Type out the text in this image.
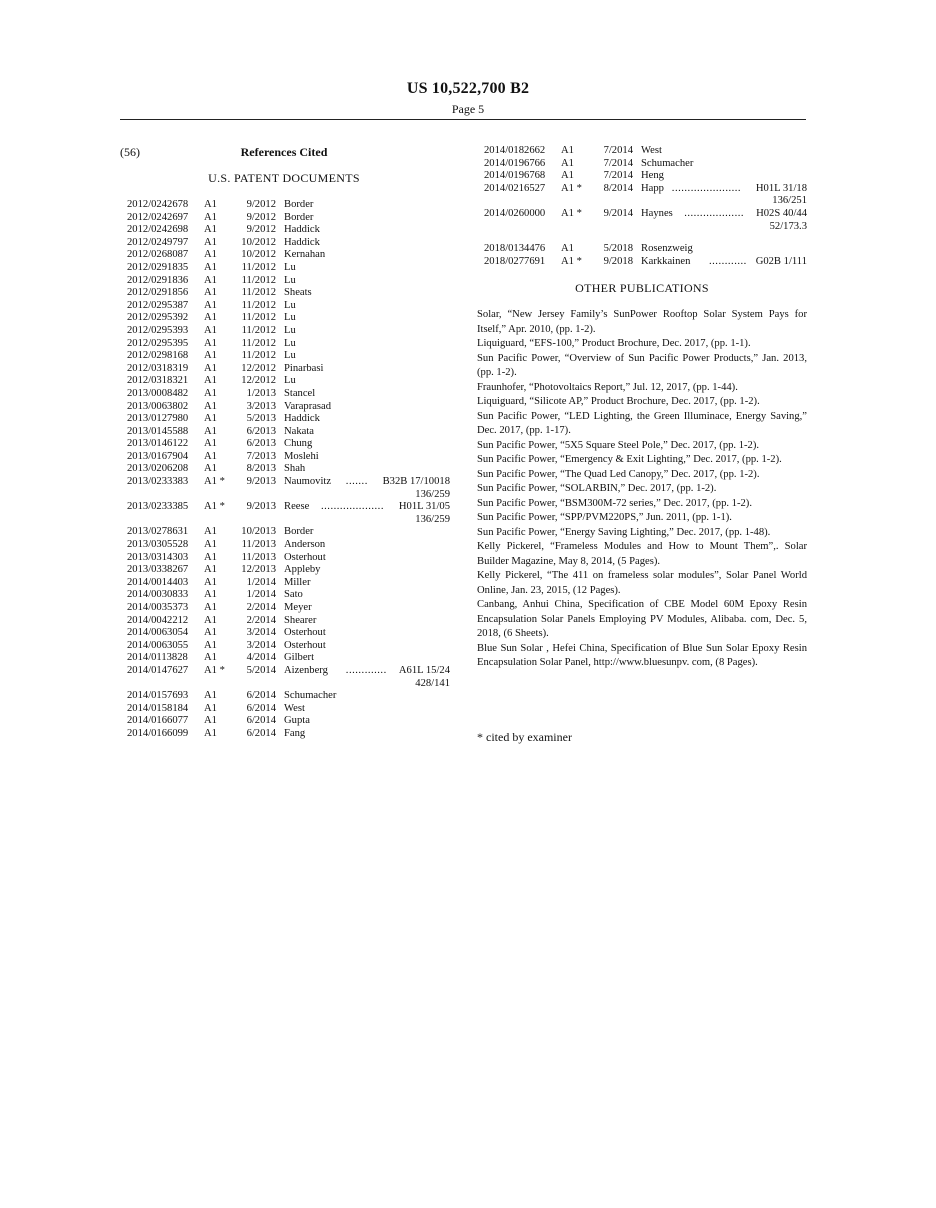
US 10,522,700 B2
Page 5
(56)	References Cited
U.S. PATENT DOCUMENTS
2012/0242678 A1	9/2012 Border
2012/0242697 A1	9/2012 Border
2012/0242698 A1	9/2012 Haddick
2012/0249797 A1 10/2012 Haddick
2012/0268087 A1 10/2012 Kernahan
2012/0291835 A1 11/2012 Lu
2012/0291836 A1 11/2012 Lu
2012/0291856 A1 11/2012 Sheats
2012/0295387 A1 11/2012 Lu
2012/0295392 A1 11/2012 Lu
2012/0295393 A1 11/2012 Lu
2012/0295395 A1 11/2012 Lu
2012/0298168 A1 11/2012 Lu
2012/0318319 A1 12/2012 Pinarbasi
2012/0318321 A1 12/2012 Lu
2013/0008482 A1	1/2013 Stancel
2013/0063802 A1	3/2013 Varaprasad
2013/0127980 A1	5/2013 Haddick
2013/0145588 A1	6/2013 Nakata
2013/0146122 A1	6/2013 Chung
2013/0167904 A1	7/2013 Moslehi
2013/0206208 A1	8/2013 Shah
2013/0233383 A1 *	9/2013 Naumovitz ....... B32B 17/10018
136/259
2013/0233385 A1 *	9/2013 Reese .................... H01L 31/05
136/259
2013/0278631 A1 10/2013 Border
2013/0305528 A1 11/2013 Anderson
2013/0314303 A1 11/2013 Osterhout
2013/0338267 A1 12/2013 Appleby
2014/0014403 A1	1/2014 Miller
2014/0030833 A1	1/2014 Sato
2014/0035373 A1	2/2014 Meyer
2014/0042212 A1	2/2014 Shearer
2014/0063054 A1	3/2014 Osterhout
2014/0063055 A1	3/2014 Osterhout
2014/0113828 A1	4/2014 Gilbert
2014/0147627 A1 *	5/2014 Aizenberg ............. A61L 15/24
428/141
2014/0157693 A1	6/2014 Schumacher
2014/0158184 A1	6/2014 West
2014/0166077 A1	6/2014 Gupta
2014/0166099 A1	6/2014 Fang
2014/0182662 A1	7/2014 West
2014/0196766 A1	7/2014 Schumacher
2014/0196768 A1	7/2014 Heng
2014/0216527 A1 *	8/2014 Happ ...................... H01L 31/18
136/251
2014/0260000 A1 *	9/2014 Haynes ................... H02S 40/44
52/173.3
2018/0134476 A1	5/2018 Rosenzweig
2018/0277691 A1 *	9/2018 Karkkainen ............ G02B 1/111
OTHER PUBLICATIONS

Solar, “New Jersey Family’s SunPower Rooftop Solar System Pays for Itself,” Apr. 2010, (pp. 1-2).

Liquiguard, “EFS-100,” Product Brochure, Dec. 2017, (pp. 1-1).

Sun Pacific Power, “Overview of Sun Pacific Power Products,” Jan. 2013, (pp. 1-2).

Fraunhofer, “Photovoltaics Report,” Jul. 12, 2017, (pp. 1-44).

Liquiguard, “Silicote AP,” Product Brochure, Dec. 2017, (pp. 1-2).

Sun Pacific Power, “LED Lighting, the Green Illuminace, Energy Saving,” Dec. 2017, (pp. 1-17).

Sun Pacific Power, “5X5 Square Steel Pole,” Dec. 2017, (pp. 1-2).

Sun Pacific Power, “Emergency & Exit Lighting,” Dec. 2017, (pp. 1-2).

Sun Pacific Power, “The Quad Led Canopy,” Dec. 2017, (pp. 1-2).

Sun Pacific Power, “SOLARBIN,” Dec. 2017, (pp. 1-2).

Sun Pacific Power, “BSM300M-72 series,” Dec. 2017, (pp. 1-2).

Sun Pacific Power, “SPP/PVM220PS,” Jun. 2011, (pp. 1-1).

Sun Pacific Power, “Energy Saving Lighting,” Dec. 2017, (pp. 1-48).

Kelly Pickerel, “Frameless Modules and How to Mount Them”,. Solar Builder Magazine, May 8, 2014, (5 Pages).

Kelly Pickerel, “The 411 on frameless solar modules”, Solar Panel World Online, Jan. 23, 2015, (12 Pages).

Canbang, Anhui China, Specification of CBE Model 60M Epoxy Resin Encapsulation Solar Panels Employing PV Modules, Alibaba. com, Dec. 5, 2018, (6 Sheets).

Blue Sun Solar , Hefei China, Specification of Blue Sun Solar Epoxy Resin Encapsulation Solar Panel, http://www.bluesunpv. com, (8 Pages).

* cited by examiner
